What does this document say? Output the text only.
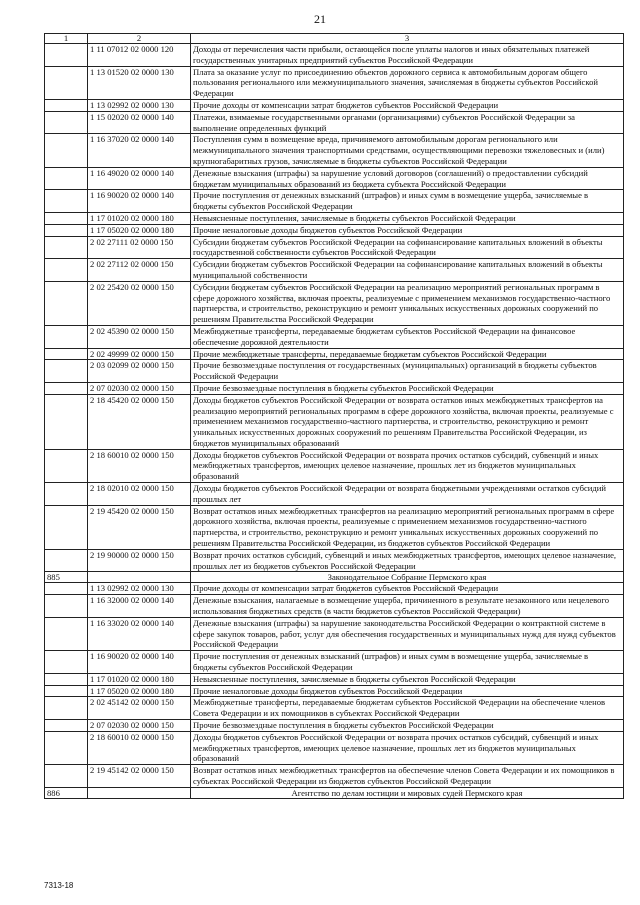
21
1	2	3
	1 11 07012 02 0000 120	Доходы от перечисления части прибыли, остающейся после уплаты налогов и иных обязательных платежей государственных унитарных предприятий субъектов Российской Федерации
	1 13 01520 02 0000 130	Плата за оказание услуг по присоединению объектов дорожного сервиса к автомобильным дорогам общего пользования регионального или межмуниципального значения, зачисляемая в бюджеты субъектов Российской Федерации
	1 13 02992 02 0000 130	Прочие доходы от компенсации затрат бюджетов субъектов Российской Федерации
	1 15 02020 02 0000 140	Платежи, взимаемые государственными органами (организациями) субъектов Российской Федерации за выполнение определенных функций
	1 16 37020 02 0000 140	Поступления сумм в возмещение вреда, причиняемого автомобильным дорогам регионального или межмуниципального значения транспортными средствами, осуществляющими перевозки тяжеловесных и (или) крупногабаритных грузов, зачисляемые в бюджеты субъектов Российской Федерации
	1 16 49020 02 0000 140	Денежные взыскания (штрафы) за нарушение условий договоров (соглашений) о предоставлении субсидий бюджетам муниципальных образований из бюджета субъекта Российской Федерации
	1 16 90020 02 0000 140	Прочие поступления от денежных взысканий (штрафов) и иных сумм в возмещение ущерба, зачисляемые в бюджеты субъектов Российской Федерации
	1 17 01020 02 0000 180	Невыясненные поступления, зачисляемые в бюджеты субъектов Российской Федерации
	1 17 05020 02 0000 180	Прочие неналоговые доходы бюджетов субъектов Российской Федерации
	2 02 27111 02 0000 150	Субсидии бюджетам субъектов Российской Федерации на софинансирование капитальных вложений в объекты государственной собственности субъектов Российской Федерации
	2 02 27112 02 0000 150	Субсидии бюджетам субъектов Российской Федерации на софинансирование капитальных вложений в объекты муниципальной собственности
	2 02 25420 02 0000 150	Субсидии бюджетам субъектов Российской Федерации на реализацию мероприятий региональных программ в сфере дорожного хозяйства, включая проекты, реализуемые с применением механизмов государственно-частного партнерства, и строительство, реконструкцию и ремонт уникальных искусственных дорожных сооружений по решениям Правительства Российской Федерации
	2 02 45390 02 0000 150	Межбюджетные трансферты, передаваемые бюджетам субъектов Российской Федерации на финансовое обеспечение дорожной деятельности
	2 02 49999 02 0000 150	Прочие межбюджетные трансферты, передаваемые бюджетам субъектов Российской Федерации
	2 03 02099 02 0000 150	Прочие безвозмездные поступления от государственных (муниципальных) организаций в бюджеты субъектов Российской Федерации
	2 07 02030 02 0000 150	Прочие безвозмездные поступления в бюджеты субъектов Российской Федерации
	2 18 45420 02 0000 150	Доходы бюджетов субъектов Российской Федерации от возврата остатков иных межбюджетных трансфертов на реализацию мероприятий региональных программ в сфере дорожного хозяйства, включая проекты, реализуемые с применением механизмов государственно-частного партнерства, и строительство, реконструкцию и ремонт уникальных искусственных дорожных сооружений по решениям Правительства Российской Федерации, из бюджетов муниципальных образований
	2 18 60010 02 0000 150	Доходы бюджетов субъектов Российской Федерации от возврата прочих остатков субсидий, субвенций и иных межбюджетных трансфертов, имеющих целевое назначение, прошлых лет из бюджетов муниципальных образований
	2 18 02010 02 0000 150	Доходы бюджетов субъектов Российской Федерации от возврата бюджетными учреждениями остатков субсидий прошлых лет
	2 19 45420 02 0000 150	Возврат остатков иных межбюджетных трансфертов на реализацию мероприятий региональных программ в сфере дорожного хозяйства, включая проекты, реализуемые с применением механизмов государственно-частного партнерства, и строительство, реконструкцию и ремонт уникальных искусственных дорожных сооружений по решениям Правительства Российской Федерации, из бюджетов субъектов Российской Федерации
	2 19 90000 02 0000 150	Возврат прочих остатков субсидий, субвенций и иных межбюджетных трансфертов, имеющих целевое назначение, прошлых лет из бюджетов субъектов Российской Федерации
885		Законодательное Собрание Пермского края
	1 13 02992 02 0000 130	Прочие доходы от компенсации затрат бюджетов субъектов Российской Федерации
	1 16 32000 02 0000 140	Денежные взыскания, налагаемые в возмещение ущерба, причиненного в результате незаконного или нецелевого использования бюджетных средств (в части бюджетов субъектов Российской Федерации)
	1 16 33020 02 0000 140	Денежные взыскания (штрафы) за нарушение законодательства Российской Федерации о контрактной системе в сфере закупок товаров, работ, услуг для обеспечения государственных и муниципальных нужд для нужд субъектов Российской Федерации
	1 16 90020 02 0000 140	Прочие поступления от денежных взысканий (штрафов) и иных сумм в возмещение ущерба, зачисляемые в бюджеты субъектов Российской Федерации
	1 17 01020 02 0000 180	Невыясненные поступления, зачисляемые в бюджеты субъектов Российской Федерации
	1 17 05020 02 0000 180	Прочие неналоговые доходы бюджетов субъектов Российской Федерации
	2 02 45142 02 0000 150	Межбюджетные трансферты, передаваемые бюджетам субъектов Российской Федерации на обеспечение членов Совета Федерации и их помощников в субъектах Российской Федерации
	2 07 02030 02 0000 150	Прочие безвозмездные поступления в бюджеты субъектов Российской Федерации
	2 18 60010 02 0000 150	Доходы бюджетов субъектов Российской Федерации от возврата прочих остатков субсидий, субвенций и иных межбюджетных трансфертов, имеющих целевое назначение, прошлых лет из бюджетов муниципальных образований
	2 19 45142 02 0000 150	Возврат остатков иных межбюджетных трансфертов на обеспечение членов Совета Федерации и их помощников в субъектах Российской Федерации из бюджетов субъектов Российской Федерации
886		Агентство по делам юстиции и мировых судей Пермского края
7313-18
